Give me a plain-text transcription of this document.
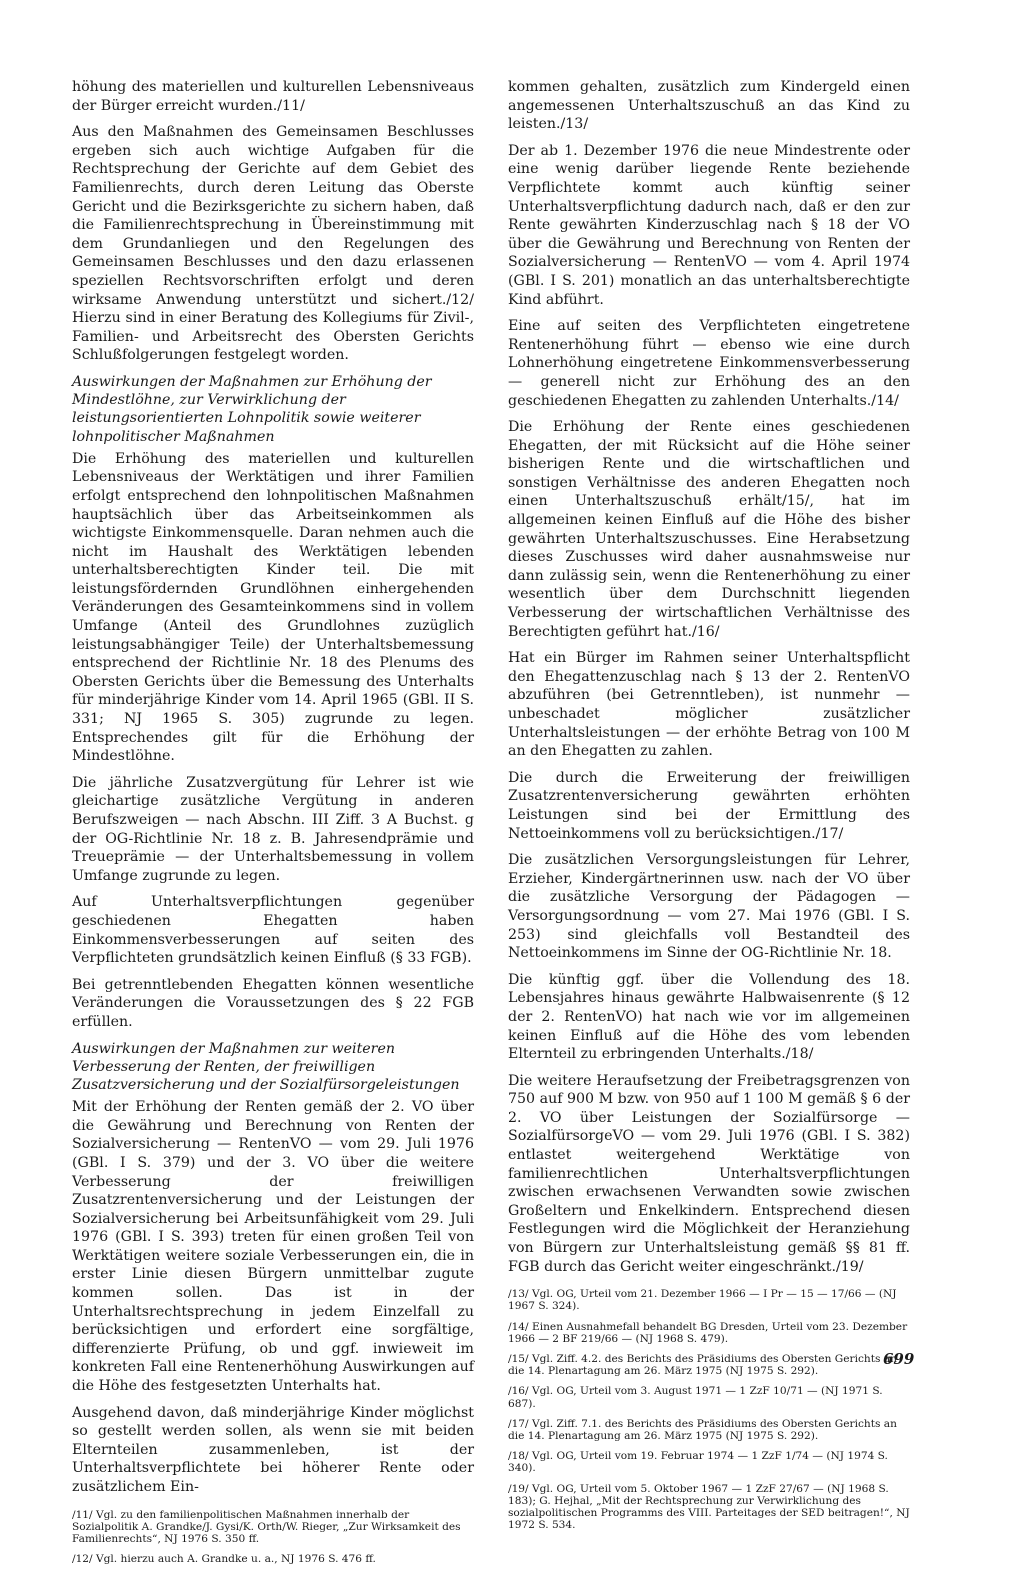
höhung des materiellen und kulturellen Lebensniveaus der Bürger erreicht wurden./11/

Aus den Maßnahmen des Gemeinsamen Beschlusses ergeben sich auch wichtige Aufgaben für die Rechtsprechung der Gerichte auf dem Gebiet des Familienrechts, durch deren Leitung das Oberste Gericht und die Bezirksgerichte zu sichern haben, daß die Familienrechtsprechung in Übereinstimmung mit dem Grundanliegen und den Regelungen des Gemeinsamen Beschlusses und den dazu erlassenen speziellen Rechtsvorschriften erfolgt und deren wirksame Anwendung unterstützt und sichert./12/ Hierzu sind in einer Beratung des Kollegiums für Zivil-, Familien- und Arbeitsrecht des Obersten Gerichts Schlußfolgerungen festgelegt worden.

Auswirkungen der Maßnahmen zur Erhöhung der Mindestlöhne, zur Verwirklichung der leistungsorientierten Lohnpolitik sowie weiterer lohnpolitischer Maßnahmen

Die Erhöhung des materiellen und kulturellen Lebensniveaus der Werktätigen und ihrer Familien erfolgt entsprechend den lohnpolitischen Maßnahmen hauptsächlich über das Arbeitseinkommen als wichtigste Einkommensquelle. Daran nehmen auch die nicht im Haushalt des Werktätigen lebenden unterhaltsberechtigten Kinder teil. Die mit leistungsfördernden Grundlöhnen einhergehenden Veränderungen des Gesamteinkommens sind in vollem Umfange (Anteil des Grundlohnes zuzüglich leistungsabhängiger Teile) der Unterhaltsbemessung entsprechend der Richtlinie Nr. 18 des Plenums des Obersten Gerichts über die Bemessung des Unterhalts für minderjährige Kinder vom 14. April 1965 (GBl. II S. 331; NJ 1965 S. 305) zugrunde zu legen. Entsprechendes gilt für die Erhöhung der Mindestlöhne.

Die jährliche Zusatzvergütung für Lehrer ist wie gleichartige zusätzliche Vergütung in anderen Berufszweigen — nach Abschn. III Ziff. 3 A Buchst. g der OG-Richtlinie Nr. 18 z. B. Jahresendprämie und Treueprämie — der Unterhaltsbemessung in vollem Umfange zugrunde zu legen.

Auf Unterhaltsverpflichtungen gegenüber geschiedenen Ehegatten haben Einkommensverbesserungen auf seiten des Verpflichteten grundsätzlich keinen Einfluß (§ 33 FGB).

Bei getrenntlebenden Ehegatten können wesentliche Veränderungen die Voraussetzungen des § 22 FGB erfüllen.

Auswirkungen der Maßnahmen zur weiteren Verbesserung der Renten, der freiwilligen Zusatzversicherung und der Sozialfürsorgeleistungen

Mit der Erhöhung der Renten gemäß der 2. VO über die Gewährung und Berechnung von Renten der Sozialversicherung — RentenVO — vom 29. Juli 1976 (GBl. I S. 379) und der 3. VO über die weitere Verbesserung der freiwilligen Zusatzrentenversicherung und der Leistungen der Sozialversicherung bei Arbeitsunfähigkeit vom 29. Juli 1976 (GBl. I S. 393) treten für einen großen Teil von Werktätigen weitere soziale Verbesserungen ein, die in erster Linie diesen Bürgern unmittelbar zugute kommen sollen. Das ist in der Unterhaltsrechtsprechung in jedem Einzelfall zu berücksichtigen und erfordert eine sorgfältige, differenzierte Prüfung, ob und ggf. inwieweit im konkreten Fall eine Rentenerhöhung Auswirkungen auf die Höhe des festgesetzten Unterhalts hat.

Ausgehend davon, daß minderjährige Kinder möglichst so gestellt werden sollen, als wenn sie mit beiden Elternteilen zusammenleben, ist der Unterhaltsverpflichtete bei höherer Rente oder zusätzlichem Ein-

/11/ Vgl. zu den familienpolitischen Maßnahmen innerhalb der Sozialpolitik A. Grandke/J. Gysi/K. Orth/W. Rieger, „Zur Wirksamkeit des Familienrechts“, NJ 1976 S. 350 ff.

/12/ Vgl. hierzu auch A. Grandke u. a., NJ 1976 S. 476 ff.

kommen gehalten, zusätzlich zum Kindergeld einen angemessenen Unterhaltszuschuß an das Kind zu leisten./13/

Der ab 1. Dezember 1976 die neue Mindestrente oder eine wenig darüber liegende Rente beziehende Verpflichtete kommt auch künftig seiner Unterhaltsverpflichtung dadurch nach, daß er den zur Rente gewährten Kinderzuschlag nach § 18 der VO über die Gewährung und Berechnung von Renten der Sozialversicherung — RentenVO — vom 4. April 1974 (GBl. I S. 201) monatlich an das unterhaltsberechtigte Kind abführt.

Eine auf seiten des Verpflichteten eingetretene Rentenerhöhung führt — ebenso wie eine durch Lohnerhöhung eingetretene Einkommensverbesserung — generell nicht zur Erhöhung des an den geschiedenen Ehegatten zu zahlenden Unterhalts./14/

Die Erhöhung der Rente eines geschiedenen Ehegatten, der mit Rücksicht auf die Höhe seiner bisherigen Rente und die wirtschaftlichen und sonstigen Verhältnisse des anderen Ehegatten noch einen Unterhaltszuschuß erhält/15/, hat im allgemeinen keinen Einfluß auf die Höhe des bisher gewährten Unterhaltszuschusses. Eine Herabsetzung dieses Zuschusses wird daher ausnahmsweise nur dann zulässig sein, wenn die Rentenerhöhung zu einer wesentlich über dem Durchschnitt liegenden Verbesserung der wirtschaftlichen Verhältnisse des Berechtigten geführt hat./16/

Hat ein Bürger im Rahmen seiner Unterhaltspflicht den Ehegattenzuschlag nach § 13 der 2. RentenVO abzuführen (bei Getrenntleben), ist nunmehr — unbeschadet möglicher zusätzlicher Unterhaltsleistungen — der erhöhte Betrag von 100 M an den Ehegatten zu zahlen.

Die durch die Erweiterung der freiwilligen Zusatzrentenversicherung gewährten erhöhten Leistungen sind bei der Ermittlung des Nettoeinkommens voll zu berücksichtigen./17/

Die zusätzlichen Versorgungsleistungen für Lehrer, Erzieher, Kindergärtnerinnen usw. nach der VO über die zusätzliche Versorgung der Pädagogen — Versorgungsordnung — vom 27. Mai 1976 (GBl. I S. 253) sind gleichfalls voll Bestandteil des Nettoeinkommens im Sinne der OG-Richtlinie Nr. 18.

Die künftig ggf. über die Vollendung des 18. Lebensjahres hinaus gewährte Halbwaisenrente (§ 12 der 2. RentenVO) hat nach wie vor im allgemeinen keinen Einfluß auf die Höhe des vom lebenden Elternteil zu erbringenden Unterhalts./18/

Die weitere Heraufsetzung der Freibetragsgrenzen von 750 auf 900 M bzw. von 950 auf 1 100 M gemäß § 6 der 2. VO über Leistungen der Sozialfürsorge — SozialfürsorgeVO — vom 29. Juli 1976 (GBl. I S. 382) entlastet weitergehend Werktätige von familienrechtlichen Unterhaltsverpflichtungen zwischen erwachsenen Verwandten sowie zwischen Großeltern und Enkelkindern. Entsprechend diesen Festlegungen wird die Möglichkeit der Heranziehung von Bürgern zur Unterhaltsleistung gemäß §§ 81 ff. FGB durch das Gericht weiter eingeschränkt./19/

/13/ Vgl. OG, Urteil vom 21. Dezember 1966 — I Pr — 15 — 17/66 — (NJ 1967 S. 324).

/14/ Einen Ausnahmefall behandelt BG Dresden, Urteil vom 23. Dezember 1966 — 2 BF 219/66 — (NJ 1968 S. 479).

/15/ Vgl. Ziff. 4.2. des Berichts des Präsidiums des Obersten Gerichts an die 14. Plenartagung am 26. März 1975 (NJ 1975 S. 292).

/16/ Vgl. OG, Urteil vom 3. August 1971 — 1 ZzF 10/71 — (NJ 1971 S. 687).

/17/ Vgl. Ziff. 7.1. des Berichts des Präsidiums des Obersten Gerichts an die 14. Plenartagung am 26. März 1975 (NJ 1975 S. 292).

/18/ Vgl. OG, Urteil vom 19. Februar 1974 — 1 ZzF 1/74 — (NJ 1974 S. 340).

/19/ Vgl. OG, Urteil vom 5. Oktober 1967 — 1 ZzF 27/67 — (NJ 1968 S. 183); G. Hejhal, „Mit der Rechtsprechung zur Verwirklichung des sozialpolitischen Programms des VIII. Parteitages der SED beitragen!“, NJ 1972 S. 534.

699
